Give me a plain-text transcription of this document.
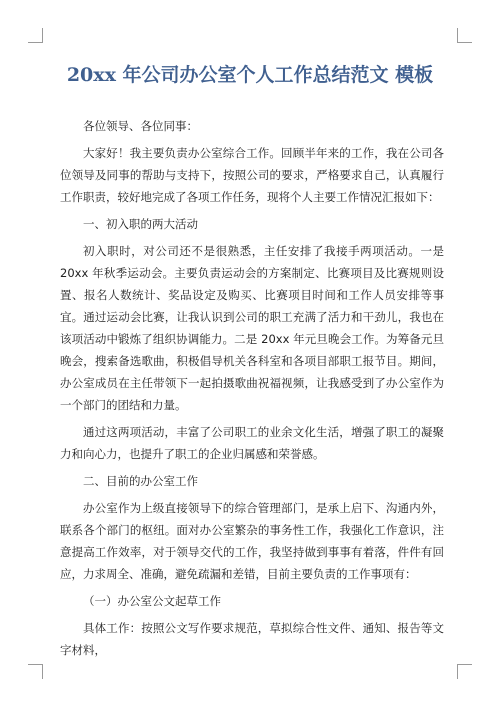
20xx 年公司办公室个人工作总结范文 模板

各位领导、各位同事：

大家好！我主要负责办公室综合工作。回顾半年来的工作，我在公司各位领导及同事的帮助与支持下，按照公司的要求，严格要求自己，认真履行工作职责，较好地完成了各项工作任务，现将个人主要工作情况汇报如下：

一、初入职的两大活动

初入职时，对公司还不是很熟悉，主任安排了我接手两项活动。一是 20xx 年秋季运动会。主要负责运动会的方案制定、比赛项目及比赛规则设置、报名人数统计、奖品设定及购买、比赛项目时间和工作人员安排等事宜。通过运动会比赛，让我认识到公司的职工充满了活力和干劲儿，我也在该项活动中锻炼了组织协调能力。二是 20xx 年元旦晚会工作。为筹备元旦晚会，搜索备选歌曲，积极倡导机关各科室和各项目部职工报节目。期间，办公室成员在主任带领下一起拍摄歌曲祝福视频，让我感受到了办公室作为一个部门的团结和力量。

通过这两项活动，丰富了公司职工的业余文化生活，增强了职工的凝聚力和向心力，也提升了职工的企业归属感和荣誉感。

二、目前的办公室工作

办公室作为上级直接领导下的综合管理部门，是承上启下、沟通内外，联系各个部门的枢纽。面对办公室繁杂的事务性工作，我强化工作意识，注意提高工作效率，对于领导交代的工作，我坚持做到事事有着落，件件有回应，力求周全、准确，避免疏漏和差错，目前主要负责的工作事项有：

（一）办公室公文起草工作

具体工作：按照公文写作要求规范，草拟综合性文件、通知、报告等文字材料，
